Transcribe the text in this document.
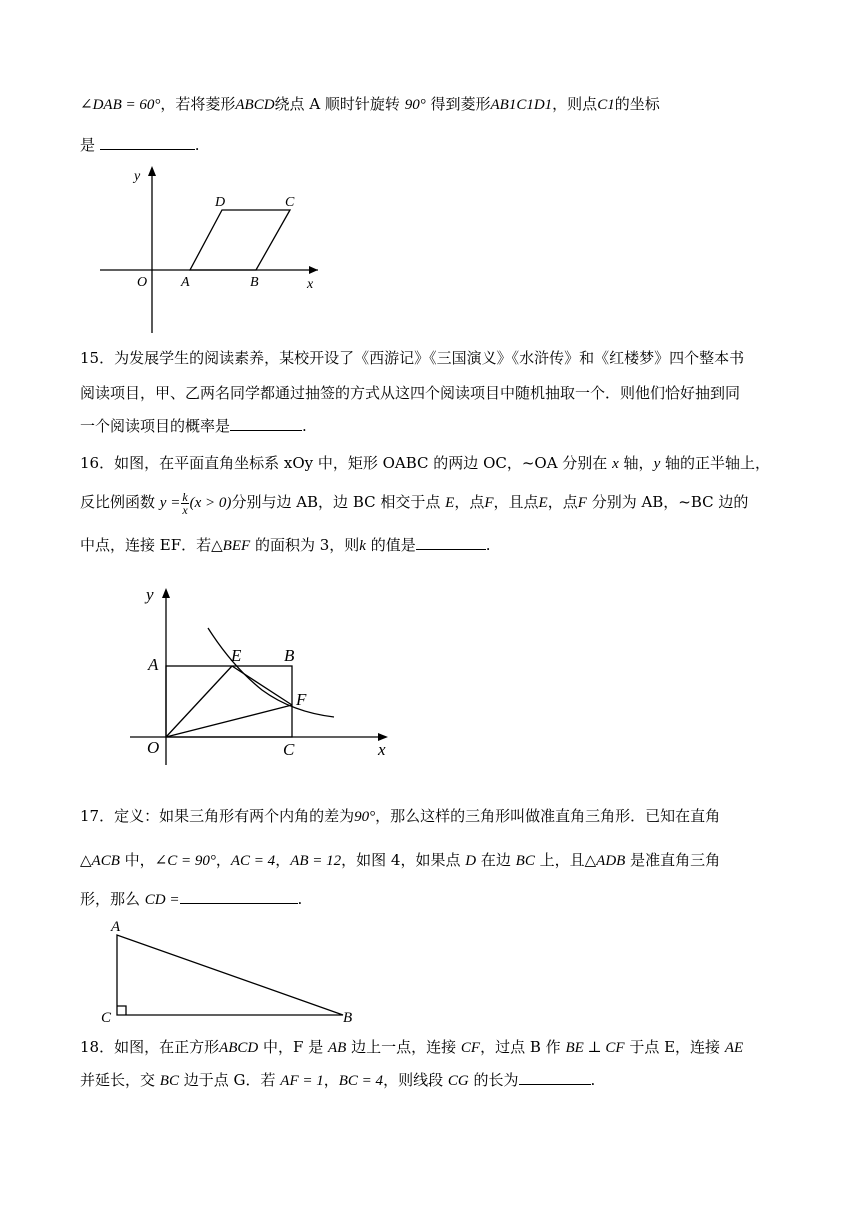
∠DAB = 60°，若将菱形ABCD绕点 A 顺时针旋转 90° 得到菱形AB1C1D1，则点C1的坐标
是	.
y
x
O A	B
C
D
15．为发展学生的阅读素养，某校开设了《西游记》《三国演义》《水浒传》和《红楼梦》四个整本书
阅读项目，甲、乙两名同学都通过抽签的方式从这四个阅读项目中随机抽取一个．则他们恰好抽到同
一个阅读项目的概率是	.
16．如图，在平面直角坐标系 xOy 中，矩形 OABC 的两边 OC，~OA 分别在 x 轴，y 轴的正半轴上，
反比例函数 $y = \frac{k}{x} (x > 0)$分别与边 AB，边 BC 相交于点 E，点F，且点E，点F 分别为 AB，~BC 边的
中点，连接 EF．若△BEF 的面积为 3，则k 的值是	.
y
x
O
A	B
C
E
F
17．定义：如果三角形有两个内角的差为90°，那么这样的三角形叫做准直角三角形．已知在直角
△ACB 中，∠C = 90°，AC = 4，AB = 12，如图 4，如果点 D 在边 BC 上，且△ADB 是准直角三角
形，那么 CD =	.
A
C	B
18．如图，在正方形ABCD 中，F 是 AB 边上一点，连接 CF，过点 B 作 BE ⊥ CF 于点 E，连接 AE
并延长，交 BC 边于点 G．若 AF = 1，BC = 4，则线段 CG 的长为	.
